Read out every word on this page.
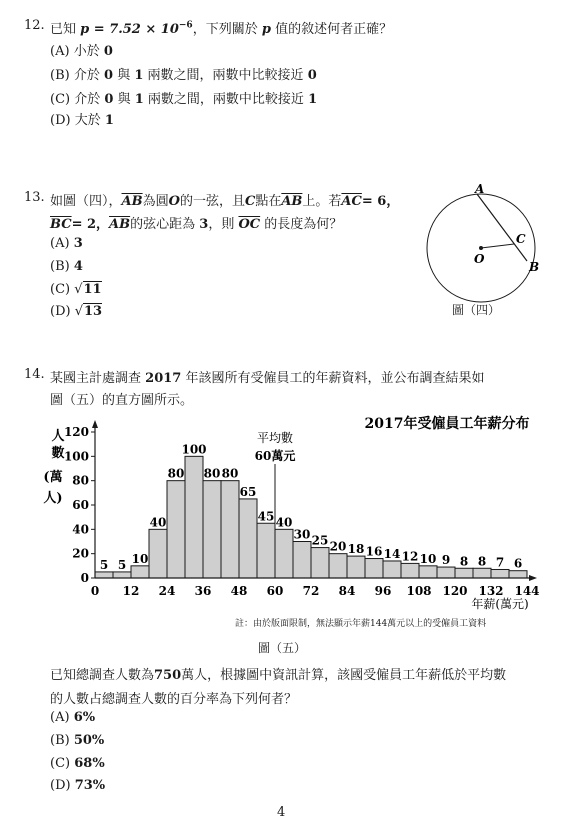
12. 已知 $p = 7.52 \times 10^{-6}$，下列關於 p 值的敘述何者正確？
(A) 小於 0
(B) 介於 0 與 1 兩數之間，兩數中比較接近 0
(C) 介於 0 與 1 兩數之間，兩數中比較接近 1
(D) 大於 1
13. 如圖（四），$\overline{AB}$為圓O的一弦，且C點在$\overline{AB}$上。若$\overline{AC}= 6$，
$\overline{BC}= 2$，$\overline{AB}$的弦心距為 3，則 $\overline{OC}$ 的長度為何？
(A) 3
(B) 4
(C) √11
(D) √13
A
B
C
O
圖（四）
14. 某國主計處調查 2017 年該國所有受僱員工的年薪資料，並公布調查結果如
圖（五）的直方圖所示。
5 5 10
40
80
100
80 80
65
45 40
30 25 20 18 16 14 12 10 9 8 8 7 6
0
20
40
60
80
100
120
0 12 24 36 48 60 72 84 96 108 120 132 144
平均數
60萬元
2017年受僱員工年薪分布
人
數
(萬
人)
年薪(萬元)
註：由於版面限制，無法顯示年薪144萬元以上的受僱員工資料
圖（五）
已知總調查人數為750萬人，根據圖中資訊計算，該國受僱員工年薪低於平均數
的人數占總調查人數的百分率為下列何者？
(A) 6%
(B) 50%
(C) 68%
(D) 73%
4
